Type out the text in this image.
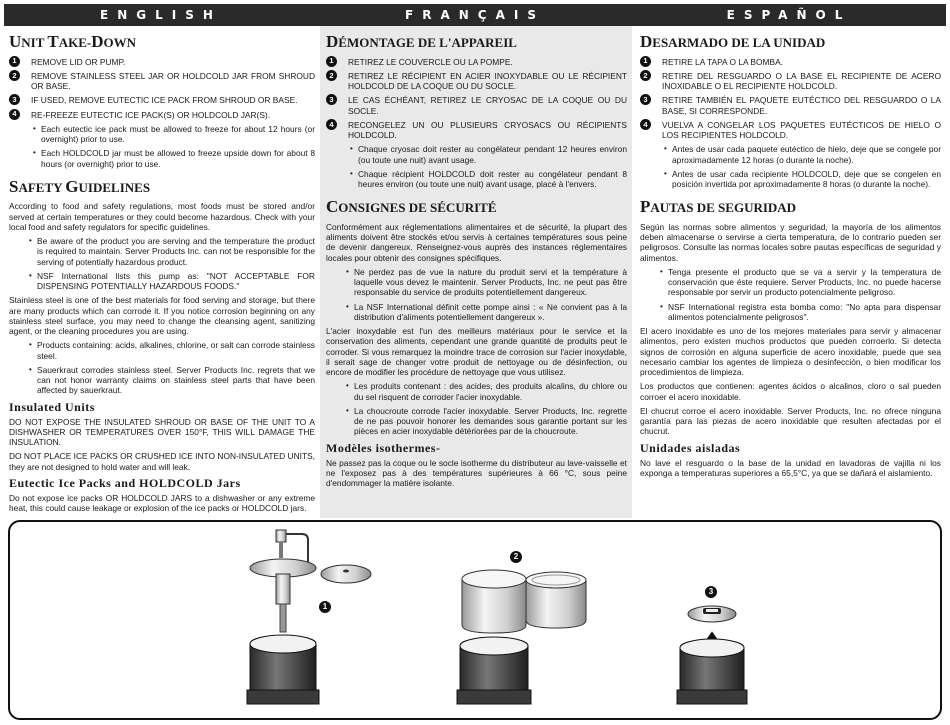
ENGLISH	FRANÇAIS	ESPAÑOL
UNIT TAKE-DOWN
1	REMOVE LID OR PUMP.
2	REMOVE STAINLESS STEEL JAR OR HOLDCOLD JAR FROM SHROUD OR BASE.
3	IF USED, REMOVE EUTECTIC ICE PACK FROM SHROUD OR BASE.
4	RE-FREEZE EUTECTIC ICE PACK(S) OR HOLDCOLD JAR(S).
• Each eutectic ice pack must be allowed to freeze for about 12 hours (or overnight) prior to use.
• Each HOLDCOLD jar must be allowed to freeze upside down for about 8 hours (or overnight) prior to use.
SAFETY GUIDELINES

According to food and safety regulations, most foods must be stored and/or served at certain temperatures or they could become hazardous. Check with your local food and safety regulators for specific guidelines.

• Be aware of the product you are serving and the temperature the product is required to maintain. Server Products Inc. can not be responsible for the serving of potentially hazardous product.
• NSF International lists this pump as: "NOT ACCEPTABLE FOR DISPENSING POTENTIALLY HAZARDOUS FOODS."

Stainless steel is one of the best materials for food serving and storage, but there are many products which can corrode it. If you notice corrosion beginning on any stainless steel surface, you may need to change the cleansing agent, sanitizing agent, or the cleaning procedures you are using.

• Products containing: acids, alkalines, chlorine, or salt can corrode stainless steel.
• Sauerkraut corrodes stainless steel. Server Products Inc. regrets that we can not honor warranty claims on stainless steel parts that have been affected by sauerkraut.
Insulated Units

DO NOT EXPOSE THE INSULATED SHROUD OR BASE OF THE UNIT TO A DISHWASHER OR TEMPERATURES OVER 150°F, THIS WILL DAMAGE THE INSULATION.

DO NOT PLACE ICE PACKS OR CRUSHED ICE INTO NON-INSULATED UNITS, they are not designed to hold water and will leak.

Eutectic Ice Packs and HOLDCOLD Jars

Do not expose ice packs OR HOLDCOLD JARS to a dishwasher or any extreme heat, this could cause leakage or explosion of the ice packs or HOLDCOLD jars.

DÉMONTAGE DE L'APPAREIL
1	RETIREZ LE COUVERCLE OU LA POMPE.
2	RETIREZ LE RÉCIPIENT EN ACIER INOXYDABLE OU LE RÉCIPIENT HOLDCOLD DE LA COQUE OU DU SOCLE.
3	LE CAS ÉCHÉANT, RETIREZ LE CRYOSAC DE LA COQUE OU DU SOCLE.
4	RECONGELEZ UN OU PLUSIEURS CRYOSACS OU RÉCIPIENTS HOLDCOLD.
• Chaque cryosac doit rester au congélateur pendant 12 heures environ (ou toute une nuit) avant usage.
• Chaque récipient HOLDCOLD doit rester au congélateur pendant 8 heures environ (ou toute une nuit) avant usage, placé à l'envers.
CONSIGNES DE SÉCURITÉ

Conformément aux réglementations alimentaires et de sécurité, la plupart des aliments doivent être stockés et/ou servis à certaines températures sous peine de devenir dangereux. Renseignez-vous auprès des instances réglementaires locales pour obtenir des consignes spécifiques.

• Ne perdez pas de vue la nature du produit servi et la température à laquelle vous devez le maintenir. Server Products, Inc. ne peut pas être responsable du service de produits potentiellement dangereux.
• La NSF International définit cette pompe ainsi : « Ne convient pas à la distribution d'aliments potentiellement dangereux ».

L'acier inoxydable est l'un des meilleurs matériaux pour le service et la conservation des aliments, cependant une grande quantité de produits peut le corroder. Si vous remarquez la moindre trace de corrosion sur l'acier inoxydable, il serait sage de changer votre produit de nettoyage ou de désinfection, ou encore de modifier les procédure de nettoyage que vous utilisez.

• Les produits contenant : des acides, des produits alcalins, du chlore ou du sel risquent de corroder l'acier inoxydable.
• La choucroute corrode l'acier inoxydable. Server Products, Inc. regrette de ne pas pouvoir honorer les demandes sous garantie portant sur les pièces en acier inoxydable détériorées par de la choucroute.
Modèles isothermes-

Ne passez pas la coque ou le socle isotherme du distributeur au lave-vaisselle et ne l'exposez pas à des températures supérieures à 66 °C, sous peine d'endommager la matière isolante.

DESARMADO DE LA UNIDAD
1	RETIRE LA TAPA O LA BOMBA.
2	RETIRE DEL RESGUARDO O LA BASE EL RECIPIENTE DE ACERO INOXIDABLE O EL RECIPIENTE HOLDCOLD.
3	RETIRE TAMBIÉN EL PAQUETE EUTÉCTICO DEL RESGUARDO O LA BASE, SI CORRESPONDE.
4	VUELVA A CONGELAR LOS PAQUETES EUTÉCTICOS DE HIELO O LOS RECIPIENTES HOLDCOLD.
• Antes de usar cada paquete eutéctico de hielo, deje que se congele por aproximadamente 12 horas (o durante la noche).
• Antes de usar cada recipiente HOLDCOLD, deje que se congelen en posición invertida por aproximadamente 8 horas (o durante la noche).
PAUTAS DE SEGURIDAD

Según las normas sobre alimentos y seguridad, la mayoría de los alimentos deben almacenarse o servirse a cierta temperatura, de lo contrario pueden ser peligrosos. Consulte las normas locales sobre pautas específicas de seguridad y alimentos.

• Tenga presente el producto que se va a servir y la temperatura de conservación que éste requiere. Server Products, Inc. no puede hacerse responsable por servir un producto potencialmente peligroso.
• NSF International registra esta bomba como: "No apta para dispensar alimentos potencialmente peligrosos".

El acero inoxidable es uno de los mejores materiales para servir y almacenar alimentos, pero existen muchos productos que pueden corroerlo. Si detecta signos de corrosión en alguna superficie de acero inoxidable, puede que sea necesario cambiar los agentes de limpieza o desinfección, o bien modificar los procedimientos de limpieza.

Los productos que contienen: agentes ácidos o alcalinos, cloro o sal pueden corroer el acero inoxidable.

El chucrut corroe el acero inoxidable. Server Products, Inc. no ofrece ninguna garantía para las piezas de acero inoxidable que resulten afectadas por el chucrut.

Unidades aisladas

No lave el resguardo o la base de la unidad en lavadoras de vajilla ni los exponga a temperaturas superiores a 65,5°C, ya que se dañará el aislamiento.

1
2
3
